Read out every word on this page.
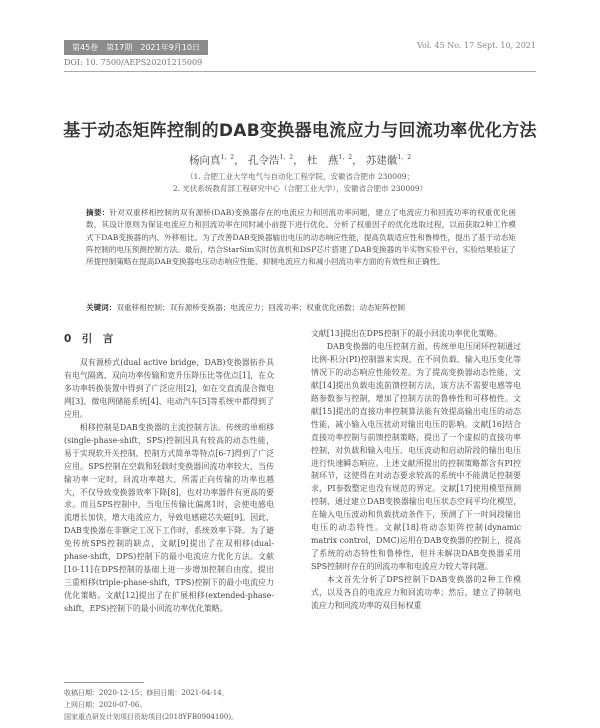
第45卷　第17期　2021年9月10日	Vol. 45 No. 17 Sept. 10, 2021
DOI: 10. 7500/AEPS20201215009
基于动态矩阵控制的DAB变换器电流应力与回流功率优化方法
杨向真$^{1,2}$， 孔令浩$^{1,2}$， 杜　燕$^{1,2}$， 苏建徽$^{1,2}$
（1. 合肥工业大学电气与自动化工程学院，安徽省合肥市 230009；
2. 光伏系统教育部工程研究中心（合肥工业大学），安徽省合肥市 230009）
摘要：针对双重移相控制的双有源桥(DAB)变换器存在的电流应力和回流功率问题，建立了电流应力和回流功率的权重优化函数，其设计原则为保证电流应力和回流功率在同时减小前提下进行优化。分析了权重因子的优化选取过程，以而获取2种工作模式下DAB变换器的内、外移相比。为了改善DAB变换器输出电压的动态响应性能，提高负载适应性和鲁棒性，提出了基于动态矩阵控制的电压预测控制方法。最后，结合StarSim实时仿真机和DSP芯片搭建了DAB变换器的半实物实验平台，实验结果验证了所提控制策略在提高DAB变换器电压动态响应性能、抑制电流应力和减小回流功率方面的有效性和正确性。
关键词：双重移相控制；双有源桥变换器；电流应力；回流功率；权重优化函数；动态矩阵控制
0　引　言

双有源桥式(dual active bridge，DAB)变换器拓扑具有电气隔离、双向功率传输和宽升压降压比等优点[1]，在众多功率转换装置中得到了广泛应用[2]，如在交直流混合微电网[3]、微电网储能系统[4]、电动汽车[5]等系统中都得到了应用。

相移控制是DAB变换器的主流控制方法。传统的单相移(single-phase-shift，SPS)控制因具有较高的动态性能，易于实现软开关控制，控制方式简单等特点[6-7]得到了广泛应用。SPS控制在空载和轻载时变换器回流功率较大，当传输功率一定时，回流功率越大，所需正向传输的功率也越大，不仅导致变换器效率下降[8]，也对功率器件有更高的要求。而且SPS控制中，当电压传输比偏离1时，会使电感电流增长加快，增大电流应力，导致电感磁芯失磁[9]。因此，DAB变换器在非额定工况下工作时，系统效率下降。为了避免传统SPS控制的缺点，文献[9]提出了在双相移(dual-phase-shift，DPS)控制下的最小电流应力优化方法。文献[10-11]在DPS控制的基础上进一步增加控制自由度，提出三重相移(triple-phase-shift，TPS)控制下的最小电流应力优化策略。文献[12]提出了在扩展相移(extended-phase-shift，EPS)控制下的最小回流功率优化策略。

文献[13]提出在DPS控制下的最小回流功率优化策略。

DAB变换器的电压控制方面，传统单电压闭环控制通过比例-积分(PI)控制器来实现，在不同负载、输入电压变化等情况下的动态响应性能较差。为了提高变换器动态性能，文献[14]提出负载电流前馈控制方法，该方法不需要电感等电路参数参与控制，增加了控制方法的鲁棒性和可移植性。文献[15]提出的直接功率控制算法能有效提高输出电压的动态性能，减小输入电压扰动对输出电压的影响。文献[16]结合直接功率控制与前馈控制策略，提出了一个虚拟的直接功率控制，对负载和输入电压、电压波动和启动阶段的输出电压进行快速瞬态响应。上述文献所提出的控制策略都含有PI控制环节，这使得在对动态要求较高的系统中不能满足控制要求，PI参数整定也没有规范的界定。文献[17]使用模型预测控制，通过建立DAB变换器输出电压状态空间平均化模型，在输入电压波动和负载扰动条件下，预测了下一时间段输出电压的动态特性。文献[18]将动态矩阵控制(dynamic matrix control，DMC)运用在DAB变换器的控制上，提高了系统的动态特性和鲁棒性，但并未解决DAB变换器采用SPS控制时存在的回流功率和电流应力较大等问题。

本文首先分析了DPS控制下DAB变换器的2种工作模式，以及各自的电流应力和回流功率；然后，建立了抑制电流应力和回流功率的双目标权重

收稿日期：2020-12-15；修回日期：2021-04-14，
上网日期：2020-07-06。
国家重点研发计划项目资助项目(2018YFB0904100)。
